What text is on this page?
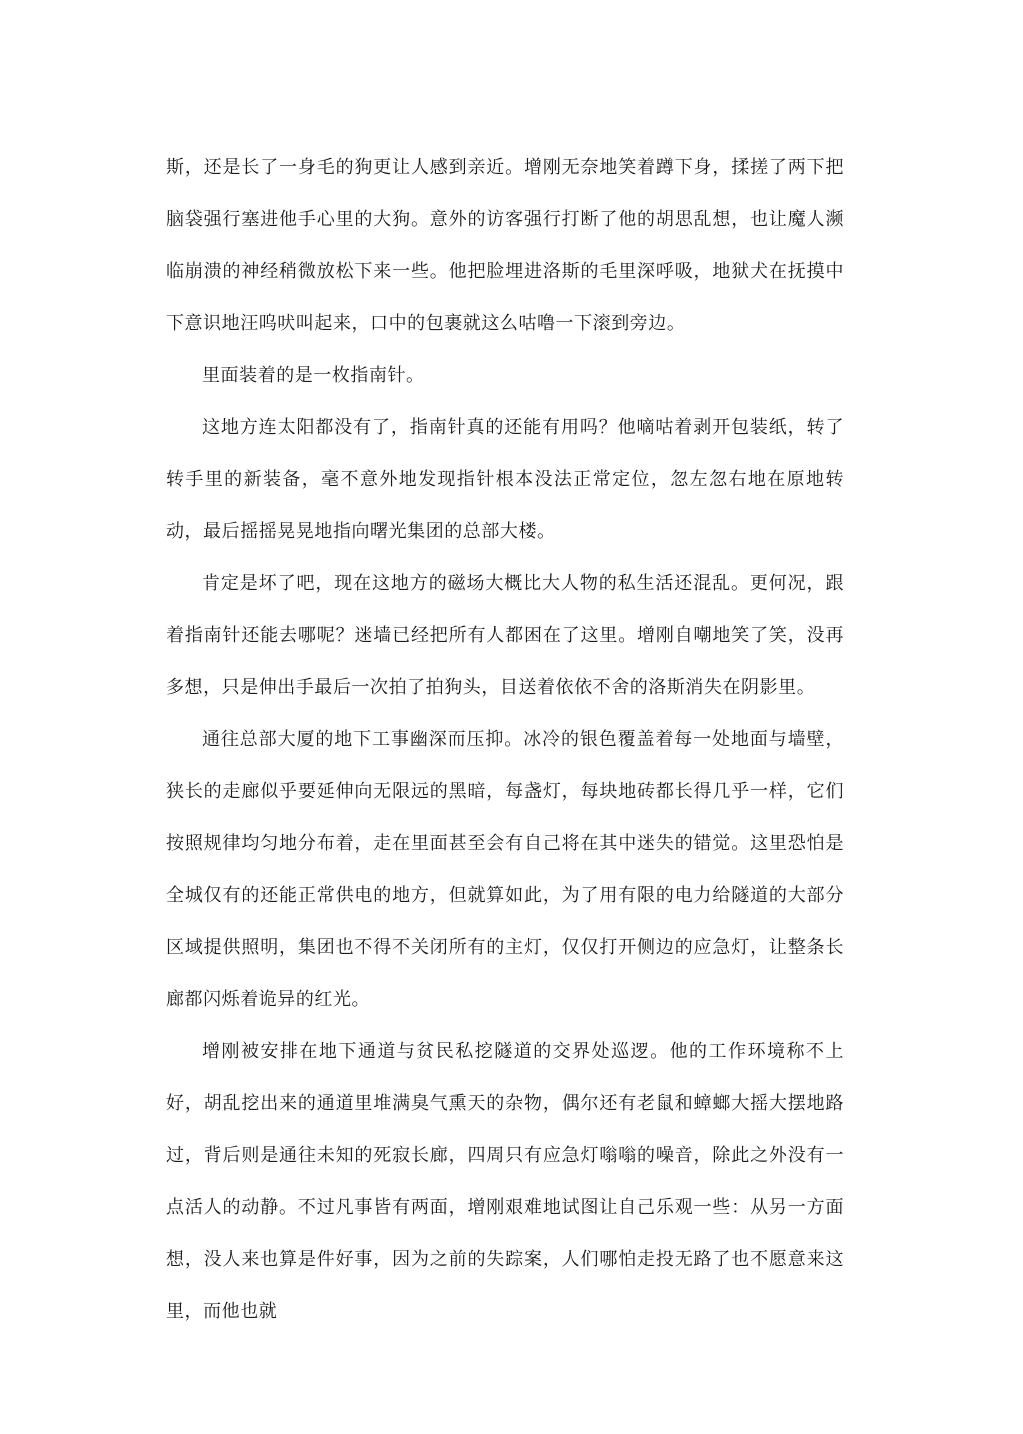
斯，还是长了一身毛的狗更让人感到亲近。增刚无奈地笑着蹲下身，揉搓了两下把脑袋强行塞进他手心里的大狗。意外的访客强行打断了他的胡思乱想，也让魔人濒临崩溃的神经稍微放松下来一些。他把脸埋进洛斯的毛里深呼吸，地狱犬在抚摸中下意识地汪呜吠叫起来，口中的包裹就这么咕噜一下滚到旁边。

里面装着的是一枚指南针。

这地方连太阳都没有了，指南针真的还能有用吗？他嘀咕着剥开包装纸，转了转手里的新装备，毫不意外地发现指针根本没法正常定位，忽左忽右地在原地转动，最后摇摇晃晃地指向曙光集团的总部大楼。

肯定是坏了吧，现在这地方的磁场大概比大人物的私生活还混乱。更何况，跟着指南针还能去哪呢？迷墙已经把所有人都困在了这里。增刚自嘲地笑了笑，没再多想，只是伸出手最后一次拍了拍狗头，目送着依依不舍的洛斯消失在阴影里。

通往总部大厦的地下工事幽深而压抑。冰冷的银色覆盖着每一处地面与墙壁，狭长的走廊似乎要延伸向无限远的黑暗，每盏灯，每块地砖都长得几乎一样，它们按照规律均匀地分布着，走在里面甚至会有自己将在其中迷失的错觉。这里恐怕是全城仅有的还能正常供电的地方，但就算如此，为了用有限的电力给隧道的大部分区域提供照明，集团也不得不关闭所有的主灯，仅仅打开侧边的应急灯，让整条长廊都闪烁着诡异的红光。

增刚被安排在地下通道与贫民私挖隧道的交界处巡逻。他的工作环境称不上好，胡乱挖出来的通道里堆满臭气熏天的杂物，偶尔还有老鼠和蟑螂大摇大摆地路过，背后则是通往未知的死寂长廊，四周只有应急灯嗡嗡的噪音，除此之外没有一点活人的动静。不过凡事皆有两面，增刚艰难地试图让自己乐观一些：从另一方面想，没人来也算是件好事，因为之前的失踪案，人们哪怕走投无路了也不愿意来这里，而他也就
